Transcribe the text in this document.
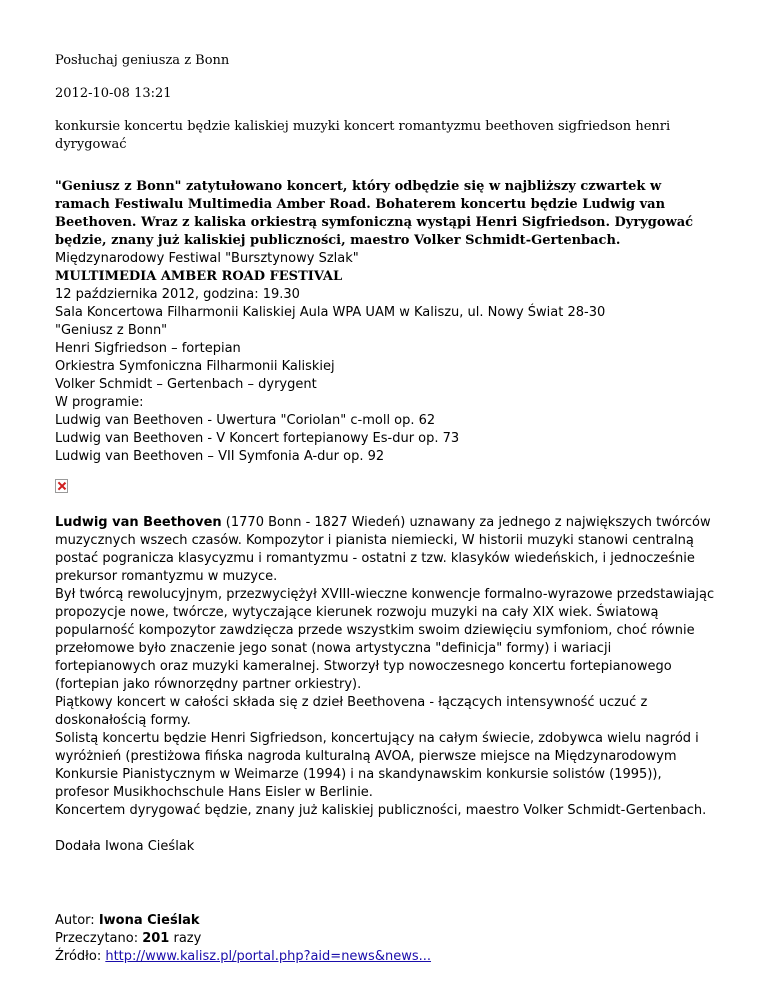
Posłuchaj geniusza z Bonn

2012-10-08 13:21

konkursie koncertu będzie kaliskiej muzyki koncert romantyzmu beethoven sigfriedson henri dyrygować

"Geniusz z Bonn" zatytułowano koncert, który odbędzie się w najbliższy czwartek w ramach Festiwalu Multimedia Amber Road. Bohaterem koncertu będzie Ludwig van Beethoven. Wraz z kaliska orkiestrą symfoniczną wystąpi Henri Sigfriedson. Dyrygować będzie, znany już kaliskiej publiczności, maestro Volker Schmidt-Gertenbach.

Międzynarodowy Festiwal "Bursztynowy Szlak"
MULTIMEDIA AMBER ROAD FESTIVAL
12 października 2012, godzina: 19.30
Sala Koncertowa Filharmonii Kaliskiej Aula WPA UAM w Kaliszu, ul. Nowy Świat 28-30
"Geniusz z Bonn"
Henri Sigfriedson – fortepian
Orkiestra Symfoniczna Filharmonii Kaliskiej
Volker Schmidt – Gertenbach – dyrygent
W programie:
Ludwig van Beethoven - Uwertura "Coriolan" c-moll op. 62
Ludwig van Beethoven - V Koncert fortepianowy Es-dur op. 73
Ludwig van Beethoven – VII Symfonia A-dur op. 92
Ludwig van Beethoven (1770 Bonn - 1827 Wiedeń) uznawany za jednego z największych twórców muzycznych wszech czasów. Kompozytor i pianista niemiecki, W historii muzyki stanowi centralną postać pogranicza klasycyzmu i romantyzmu - ostatni z tzw. klasyków wiedeńskich, i jednocześnie prekursor romantyzmu w muzyce.
Był twórcą rewolucyjnym, przezwyciężył XVIII-wieczne konwencje formalno-wyrazowe przedstawiając propozycje nowe, twórcze, wytyczające kierunek rozwoju muzyki na cały XIX wiek. Światową popularność kompozytor zawdzięcza przede wszystkim swoim dziewięciu symfoniom, choć równie przełomowe było znaczenie jego sonat (nowa artystyczna "definicja" formy) i wariacji fortepianowych oraz muzyki kameralnej. Stworzył typ nowoczesnego koncertu fortepianowego (fortepian jako równorzędny partner orkiestry).
Piątkowy koncert w całości składa się z dzieł Beethovena - łączących intensywność uczuć z doskonałością formy.
Solistą koncertu będzie Henri Sigfriedson, koncertujący na całym świecie, zdobywca wielu nagród i wyróżnień (prestiżowa fińska nagroda kulturalną AVOA, pierwsze miejsce na Międzynarodowym Konkursie Pianistycznym w Weimarze (1994) i na skandynawskim konkursie solistów (1995)), profesor Musikhochschule Hans Eisler w Berlinie.
Koncertem dyrygować będzie, znany już kaliskiej publiczności, maestro Volker Schmidt-Gertenbach.

Dodała Iwona Cieślak

Autor: Iwona Cieślak
Przeczytano: 201 razy
Źródło: http://www.kalisz.pl/portal.php?aid=news&news...
